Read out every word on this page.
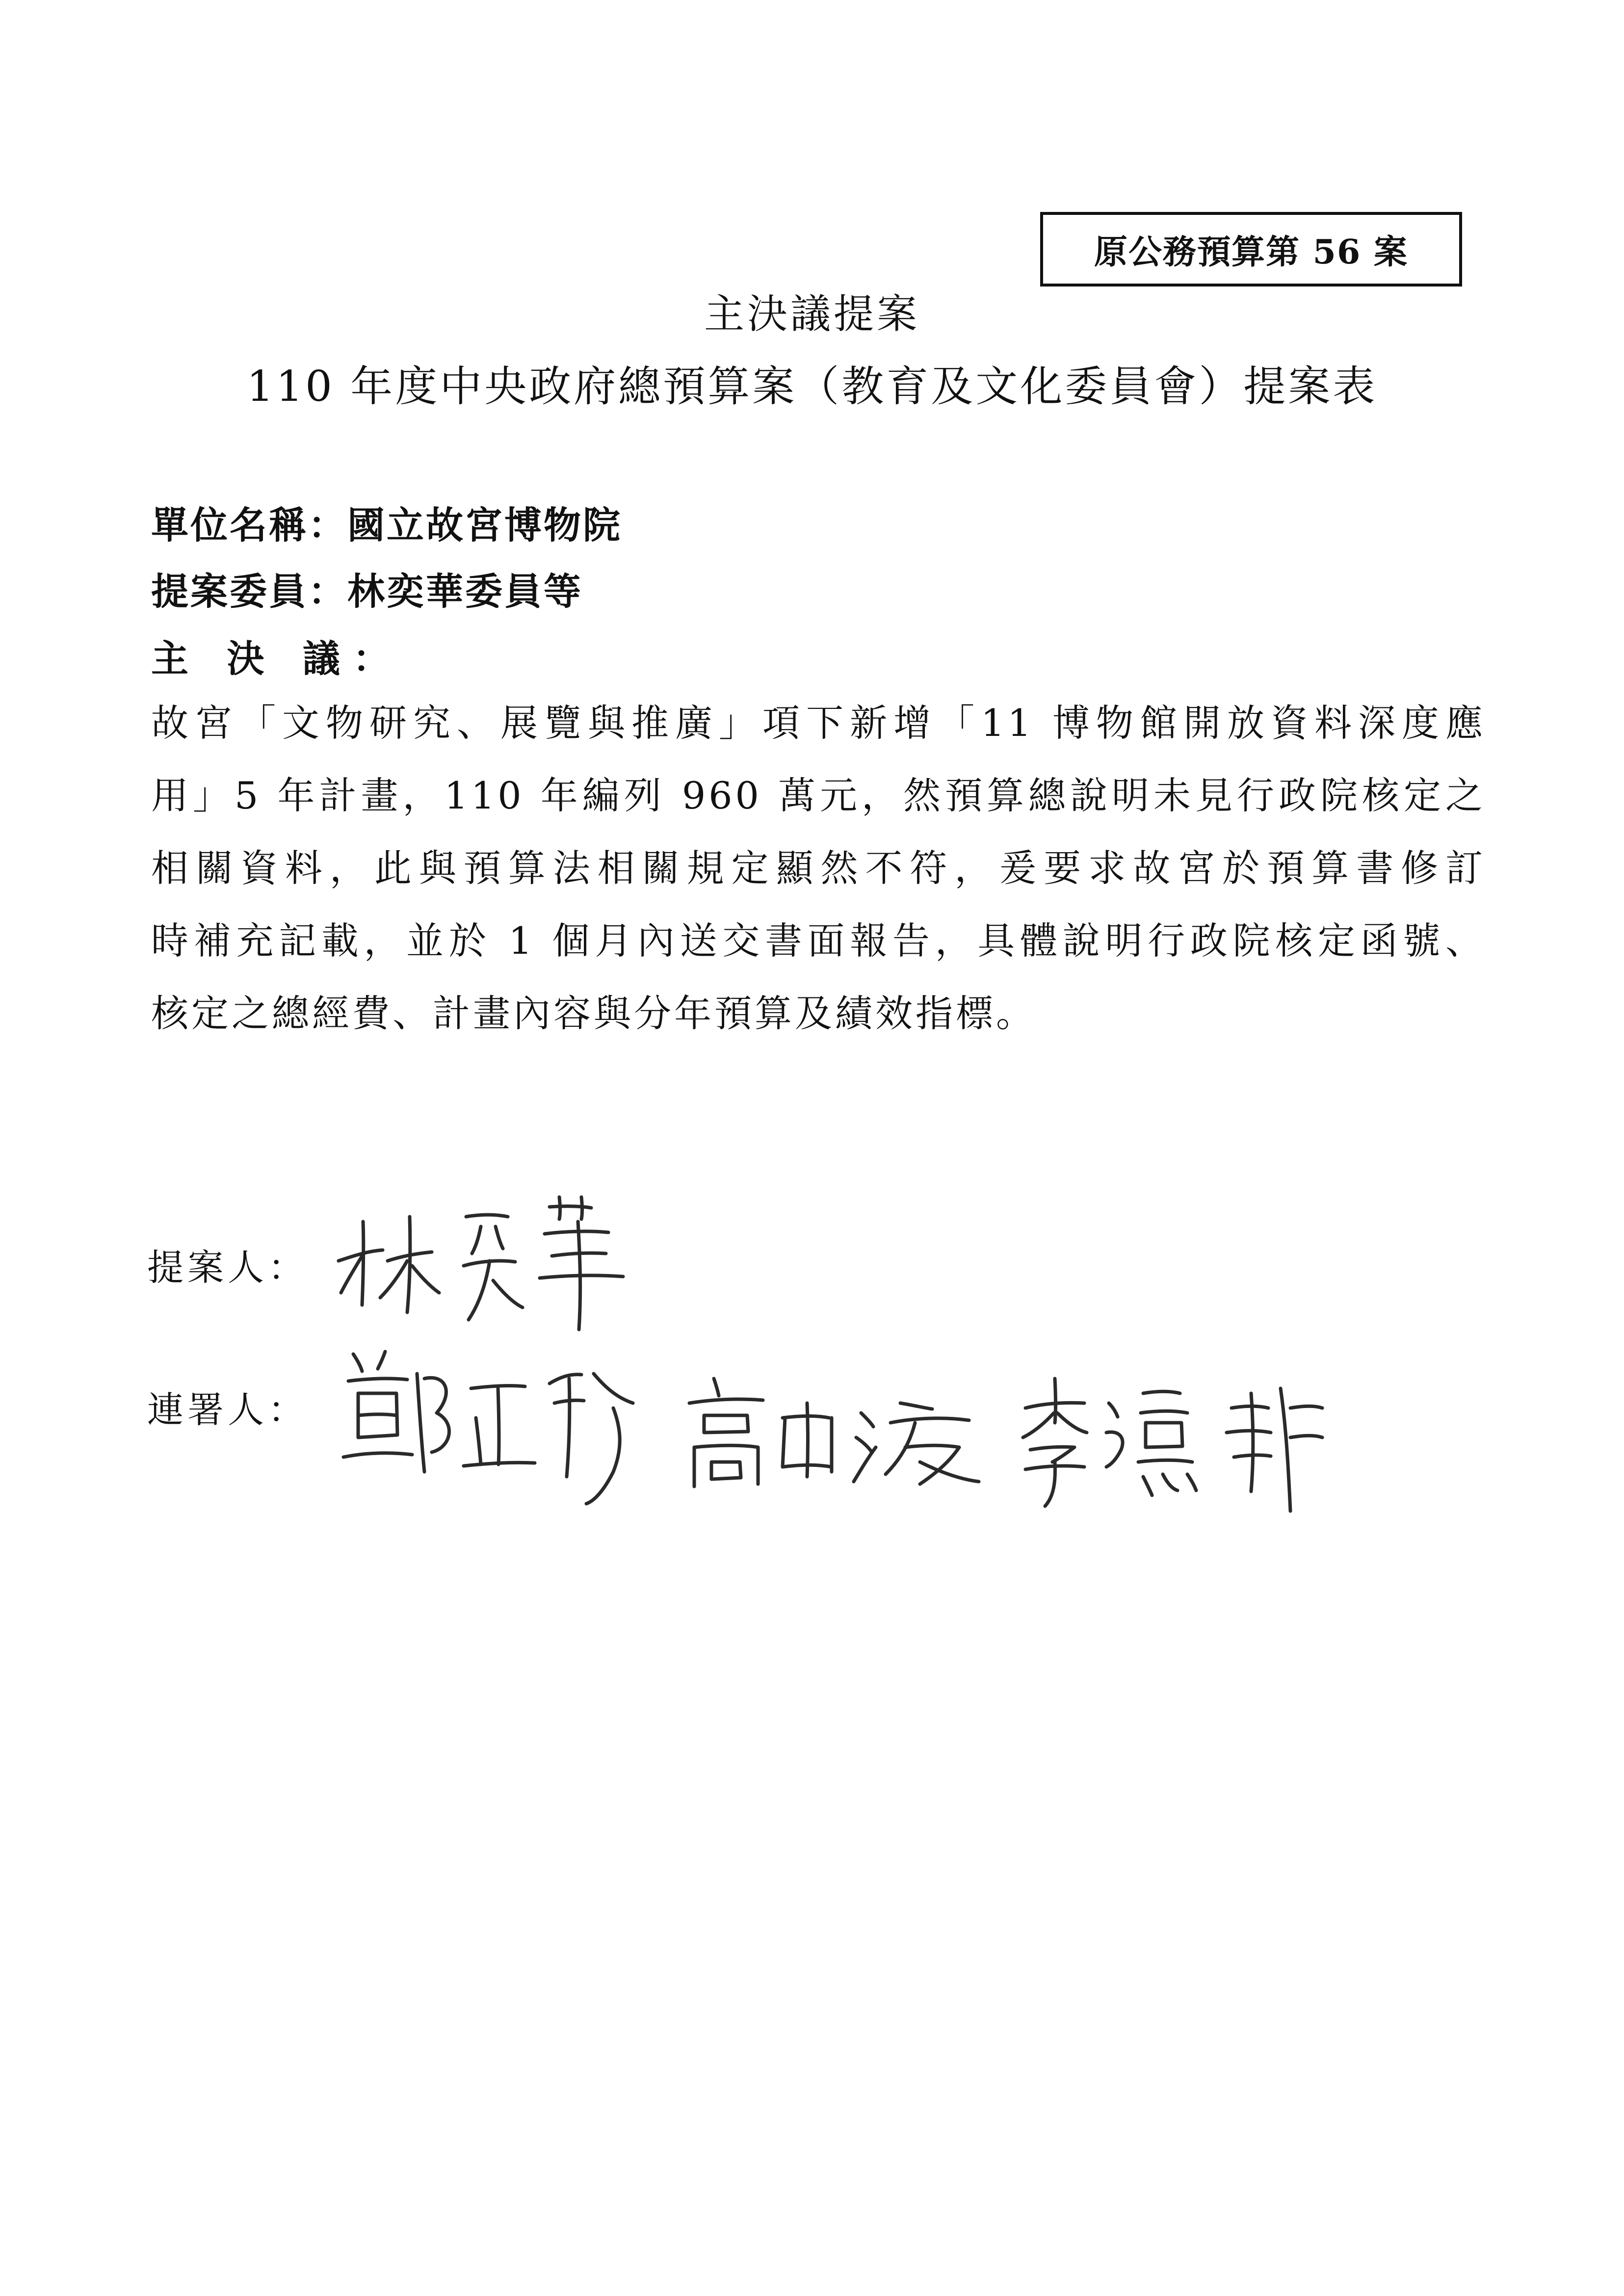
原公務預算第 56 案
主決議提案
110 年度中央政府總預算案（教育及文化委員會）提案表
單位名稱： 國立故宮博物院
提案委員： 林奕華委員等
主 決 議：
故宮「文物研究、展覽與推廣」項下新增「11 博物館開放資料深度應
用」5 年計畫，110 年編列 960 萬元，然預算總說明未見行政院核定之
相關資料，此與預算法相關規定顯然不符，爰要求故宮於預算書修訂
時補充記載，並於 1 個月內送交書面報告，具體說明行政院核定函號、
核定之總經費、計畫內容與分年預算及績效指標。
提案人：
連署人：
